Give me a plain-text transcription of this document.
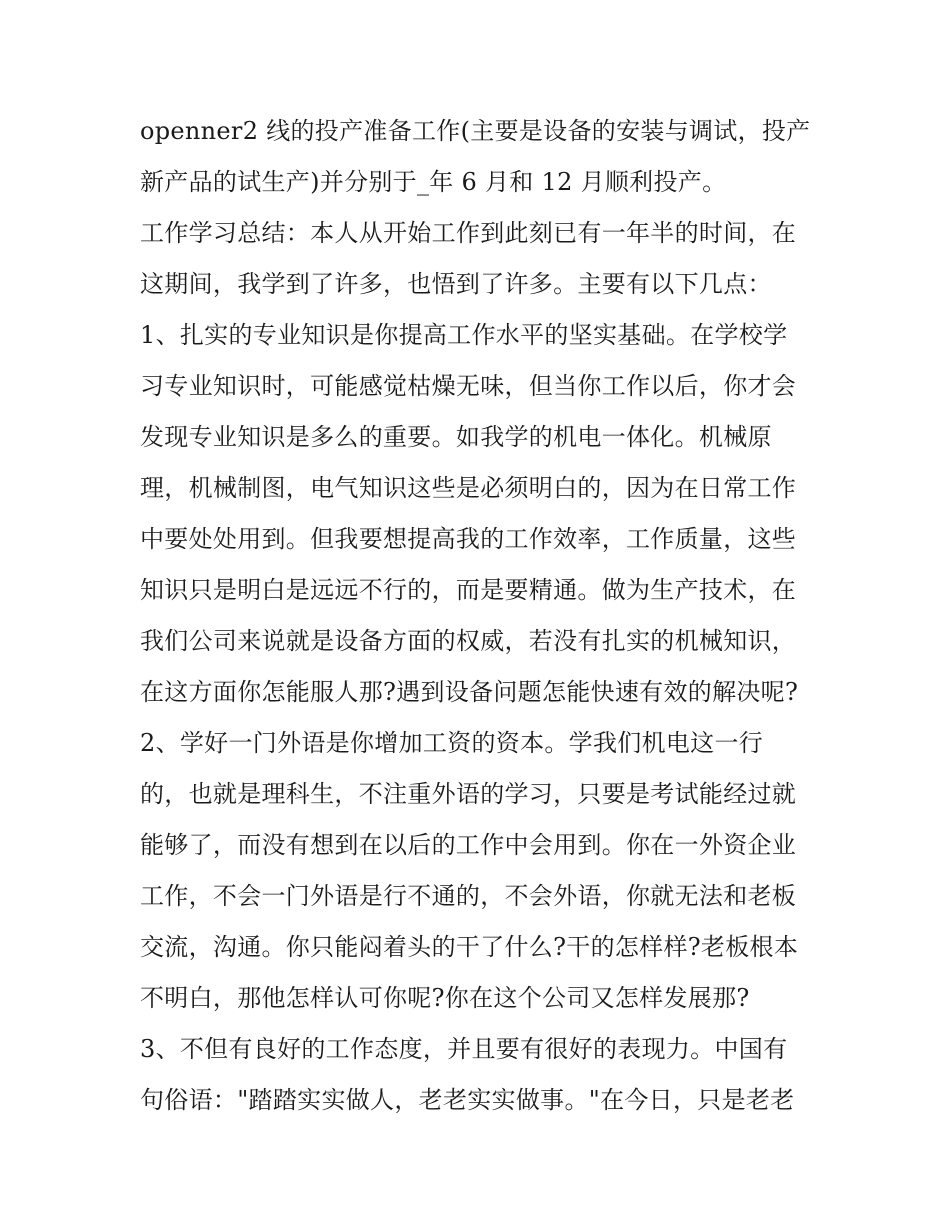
openner2 线的投产准备工作(主要是设备的安装与调试，投产
新产品的试生产)并分别于_年 6 月和 12 月顺利投产。
工作学习总结：本人从开始工作到此刻已有一年半的时间，在
这期间，我学到了许多，也悟到了许多。主要有以下几点：
1、扎实的专业知识是你提高工作水平的坚实基础。在学校学
习专业知识时，可能感觉枯燥无味，但当你工作以后，你才会
发现专业知识是多么的重要。如我学的机电一体化。机械原
理，机械制图，电气知识这些是必须明白的，因为在日常工作
中要处处用到。但我要想提高我的工作效率，工作质量，这些
知识只是明白是远远不行的，而是要精通。做为生产技术，在
我们公司来说就是设备方面的权威，若没有扎实的机械知识，
在这方面你怎能服人那?遇到设备问题怎能快速有效的解决呢?
2、学好一门外语是你增加工资的资本。学我们机电这一行
的，也就是理科生，不注重外语的学习，只要是考试能经过就
能够了，而没有想到在以后的工作中会用到。你在一外资企业
工作，不会一门外语是行不通的，不会外语，你就无法和老板
交流，沟通。你只能闷着头的干了什么?干的怎样样?老板根本
不明白，那他怎样认可你呢?你在这个公司又怎样发展那?
3、不但有良好的工作态度，并且要有很好的表现力。中国有
句俗语："踏踏实实做人，老老实实做事。"在今日，只是老老
